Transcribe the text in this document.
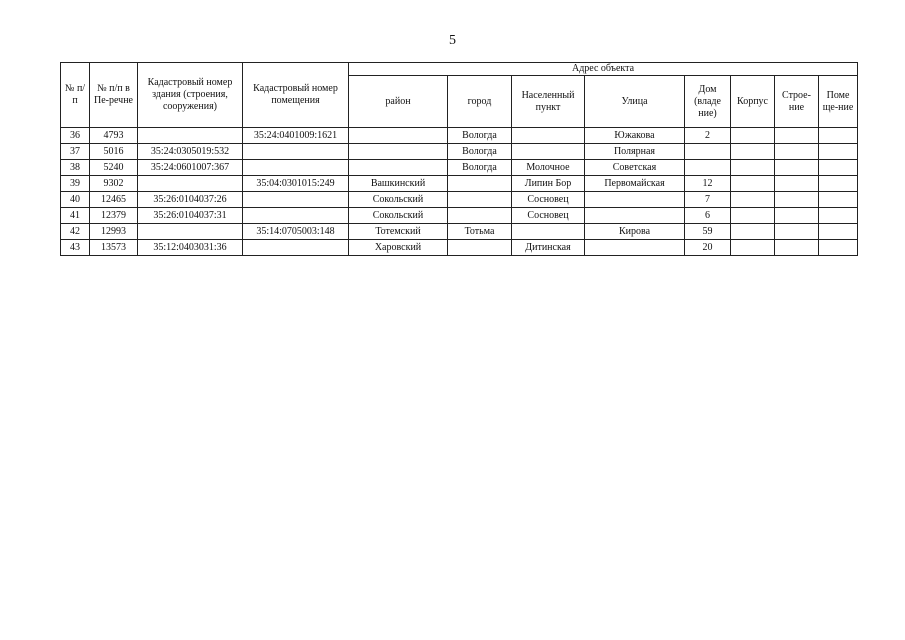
5
№ п/п	№ п/п в Пе-речне	Кадастровый номер здания (строения, сооружения)	Кадастровый номер помещения	Адрес объекта							
				район	город	Населенный пункт	Улица	Дом (владе ние)	Корпус	Строе-ние	Поме ще-ние
36	4793		35:24:0401009:1621		Вологда		Южакова	2			
37	5016	35:24:0305019:532			Вологда		Полярная				
38	5240	35:24:0601007:367			Вологда	Молочное	Советская				
39	9302		35:04:0301015:249	Вашкинский		Липин Бор	Первомайская	12			
40	12465	35:26:0104037:26		Сокольский		Сосновец		7			
41	12379	35:26:0104037:31		Сокольский		Сосновец		6			
42	12993		35:14:0705003:148	Тотемский	Тотьма		Кирова	59			
43	13573	35:12:0403031:36		Харовский		Дитинская		20			
